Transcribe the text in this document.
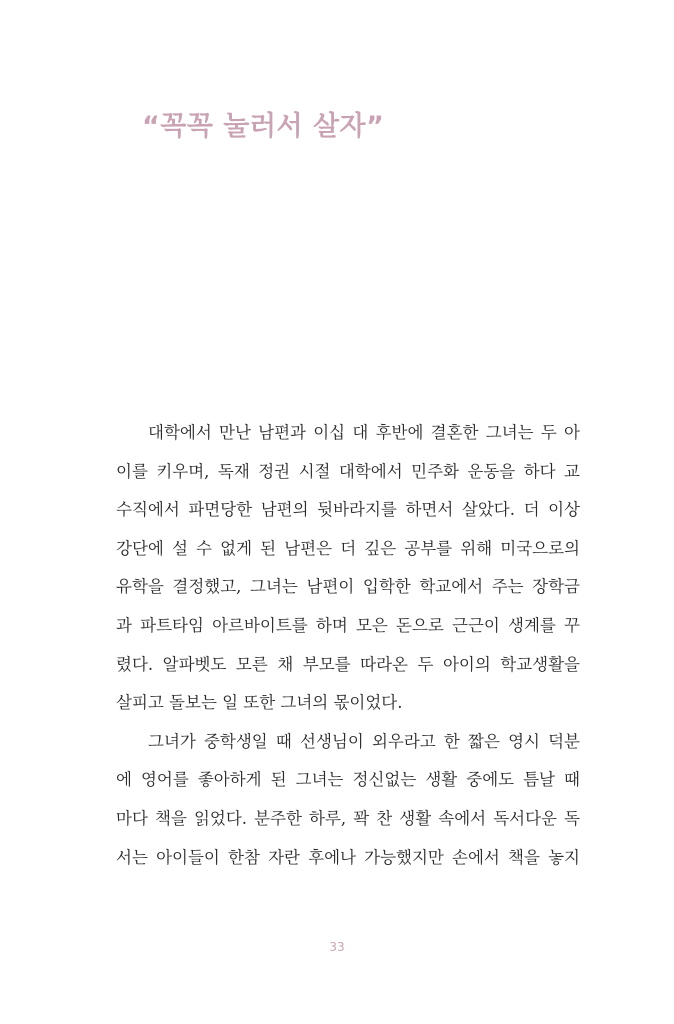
“꼭꼭 눌러서 살자”
대학에서 만난 남편과 이십 대 후반에 결혼한 그녀는 두 아
이를 키우며, 독재 정권 시절 대학에서 민주화 운동을 하다 교
수직에서 파면당한 남편의 뒷바라지를 하면서 살았다. 더 이상
강단에 설 수 없게 된 남편은 더 깊은 공부를 위해 미국으로의
유학을 결정했고, 그녀는 남편이 입학한 학교에서 주는 장학금
과 파트타임 아르바이트를 하며 모은 돈으로 근근이 생계를 꾸
렸다. 알파벳도 모른 채 부모를 따라온 두 아이의 학교생활을
살피고 돌보는 일 또한 그녀의 몫이었다.
그녀가 중학생일 때 선생님이 외우라고 한 짧은 영시 덕분
에 영어를 좋아하게 된 그녀는 정신없는 생활 중에도 틈날 때
마다 책을 읽었다. 분주한 하루, 꽉 찬 생활 속에서 독서다운 독
서는 아이들이 한참 자란 후에나 가능했지만 손에서 책을 놓지
33
